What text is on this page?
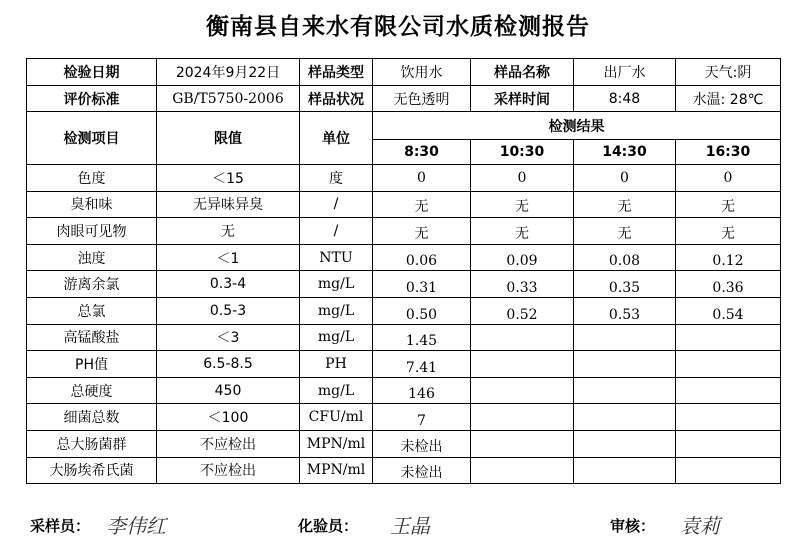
衡南县自来水有限公司水质检测报告
检验日期	2024年9月22日	样品类型	饮用水	样品名称	出厂水	天气:阴
评价标准	GB/T5750-2006	样品状况	无色透明	采样时间	8:48	水温: 28℃
检测项目	限值	单位	检测结果			
			8:30	10:30	14:30	16:30
色度	＜15	度	0	0	0	0
臭和味	无异味异臭	/	无	无	无	无
肉眼可见物	无	/	无	无	无	无
浊度	＜1	NTU	0.06	0.09	0.08	0.12
游离余氯	0.3-4	mg/L	0.31	0.33	0.35	0.36
总氯	0.5-3	mg/L	0.50	0.52	0.53	0.54
高锰酸盐	＜3	mg/L	1.45			
PH值	6.5-8.5	PH	7.41			
总硬度	450	mg/L	146			
细菌总数	＜100	CFU/ml	7			
总大肠菌群	不应检出	MPN/ml	未检出			
大肠埃希氏菌	不应检出	MPN/ml	未检出			
采样员： 李伟红	化验员： 王晶	审核： 袁莉
